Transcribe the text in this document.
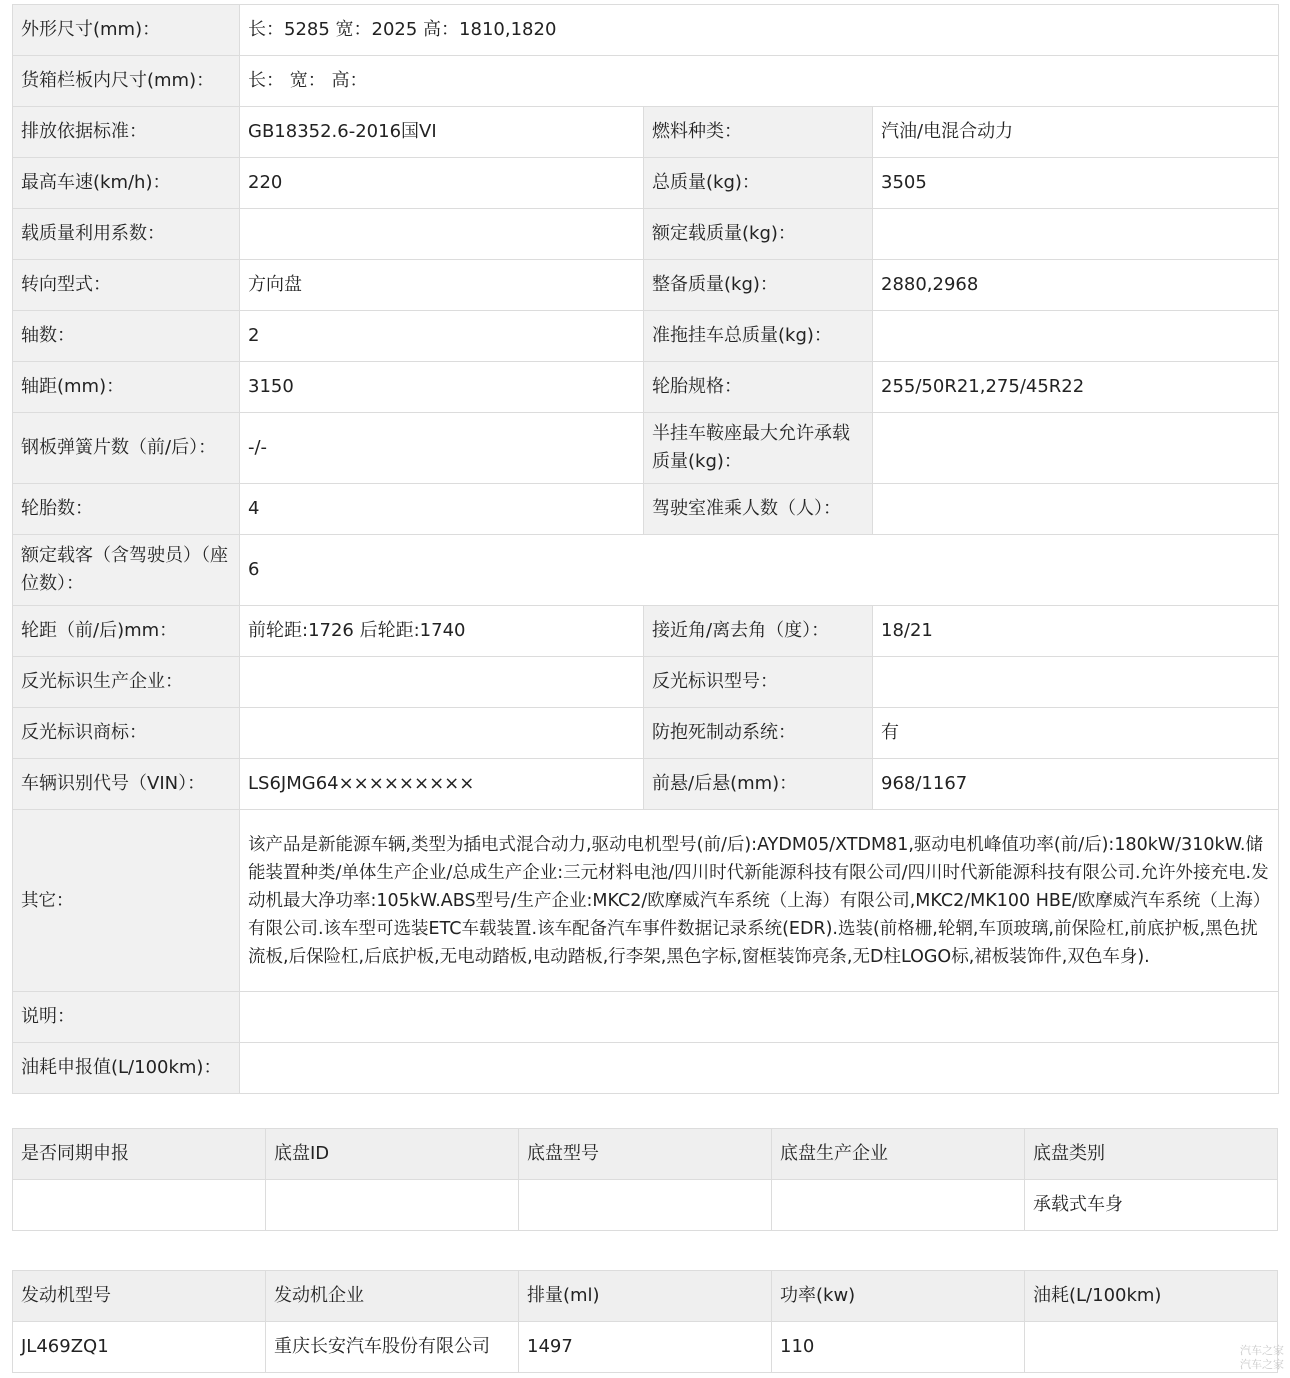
外形尺寸(mm)：	长：5285 宽：2025 高：1810,1820		
货箱栏板内尺寸(mm)：	长： 宽： 高：		
排放依据标准：	GB18352.6-2016国VI	燃料种类：	汽油/电混合动力
最高车速(km/h)：	220	总质量(kg)：	3505
载质量利用系数：		额定载质量(kg)：	
转向型式：	方向盘	整备质量(kg)：	2880,2968
轴数：	2	准拖挂车总质量(kg)：	
轴距(mm)：	3150	轮胎规格：	255/50R21,275/45R22
钢板弹簧片数（前/后）：	-/-	半挂车鞍座最大允许承载质量(kg)：	
轮胎数：	4	驾驶室准乘人数（人）：	
额定载客（含驾驶员）（座位数）：	6		
轮距（前/后)mm：	前轮距:1726 后轮距:1740	接近角/离去角（度）：	18/21
反光标识生产企业：		反光标识型号：	
反光标识商标：		防抱死制动系统：	有
车辆识别代号（VIN）：	LS6JMG64×××××××××	前悬/后悬(mm)：	968/1167
其它：	该产品是新能源车辆,类型为插电式混合动力,驱动电机型号(前/后):AYDM05/XTDM81,驱动电机峰值功率(前/后):180kW/310kW.储能装置种类/单体生产企业/总成生产企业:三元材料电池/四川时代新能源科技有限公司/四川时代新能源科技有限公司.允许外接充电.发动机最大净功率:105kW.ABS型号/生产企业:MKC2/欧摩威汽车系统（上海）有限公司,MKC2/MK100 HBE/欧摩威汽车系统（上海）有限公司.该车型可选装ETC车载装置.该车配备汽车事件数据记录系统(EDR).选装(前格栅,轮辋,车顶玻璃,前保险杠,前底护板,黑色扰流板,后保险杠,后底护板,无电动踏板,电动踏板,行李架,黑色字标,窗框装饰亮条,无D柱LOGO标,裙板装饰件,双色车身).		
说明：			
油耗申报值(L/100km)：			
是否同期申报	底盘ID	底盘型号	底盘生产企业	底盘类别
				承载式车身
发动机型号	发动机企业	排量(ml)	功率(kw)	油耗(L/100km)
JL469ZQ1	重庆长安汽车股份有限公司	1497	110		汽车之家
汽车之家
